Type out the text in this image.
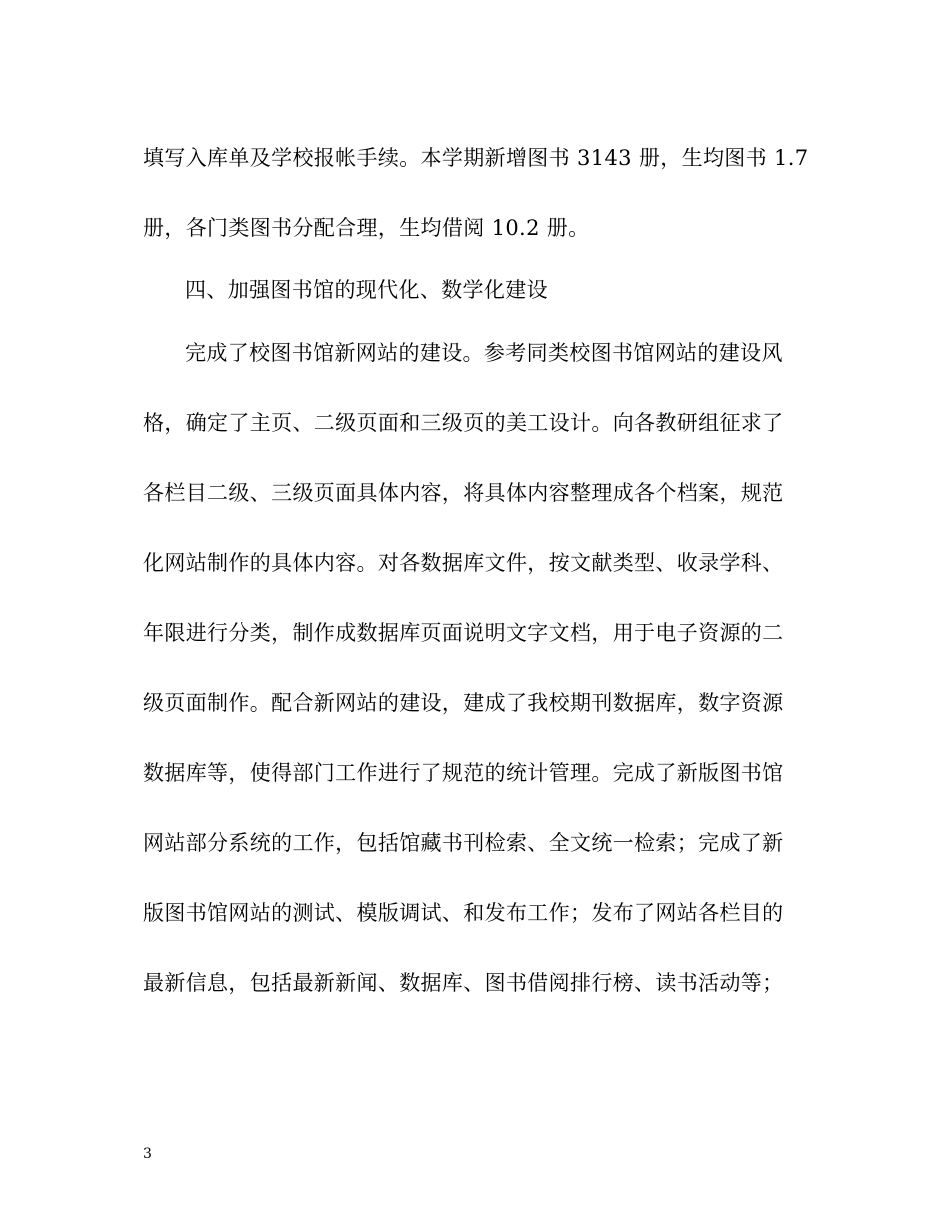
填写入库单及学校报帐手续。本学期新增图书 3143 册，生均图书 1.7
册，各门类图书分配合理，生均借阅 10.2 册。
四、加强图书馆的现代化、数学化建设
完成了校图书馆新网站的建设。参考同类校图书馆网站的建设风
格，确定了主页、二级页面和三级页的美工设计。向各教研组征求了
各栏目二级、三级页面具体内容，将具体内容整理成各个档案，规范
化网站制作的具体内容。对各数据库文件，按文献类型、收录学科、
年限进行分类，制作成数据库页面说明文字文档，用于电子资源的二
级页面制作。配合新网站的建设，建成了我校期刊数据库，数字资源
数据库等，使得部门工作进行了规范的统计管理。完成了新版图书馆
网站部分系统的工作，包括馆藏书刊检索、全文统一检索；完成了新
版图书馆网站的测试、模版调试、和发布工作；发布了网站各栏目的
最新信息，包括最新新闻、数据库、图书借阅排行榜、读书活动等；
3
